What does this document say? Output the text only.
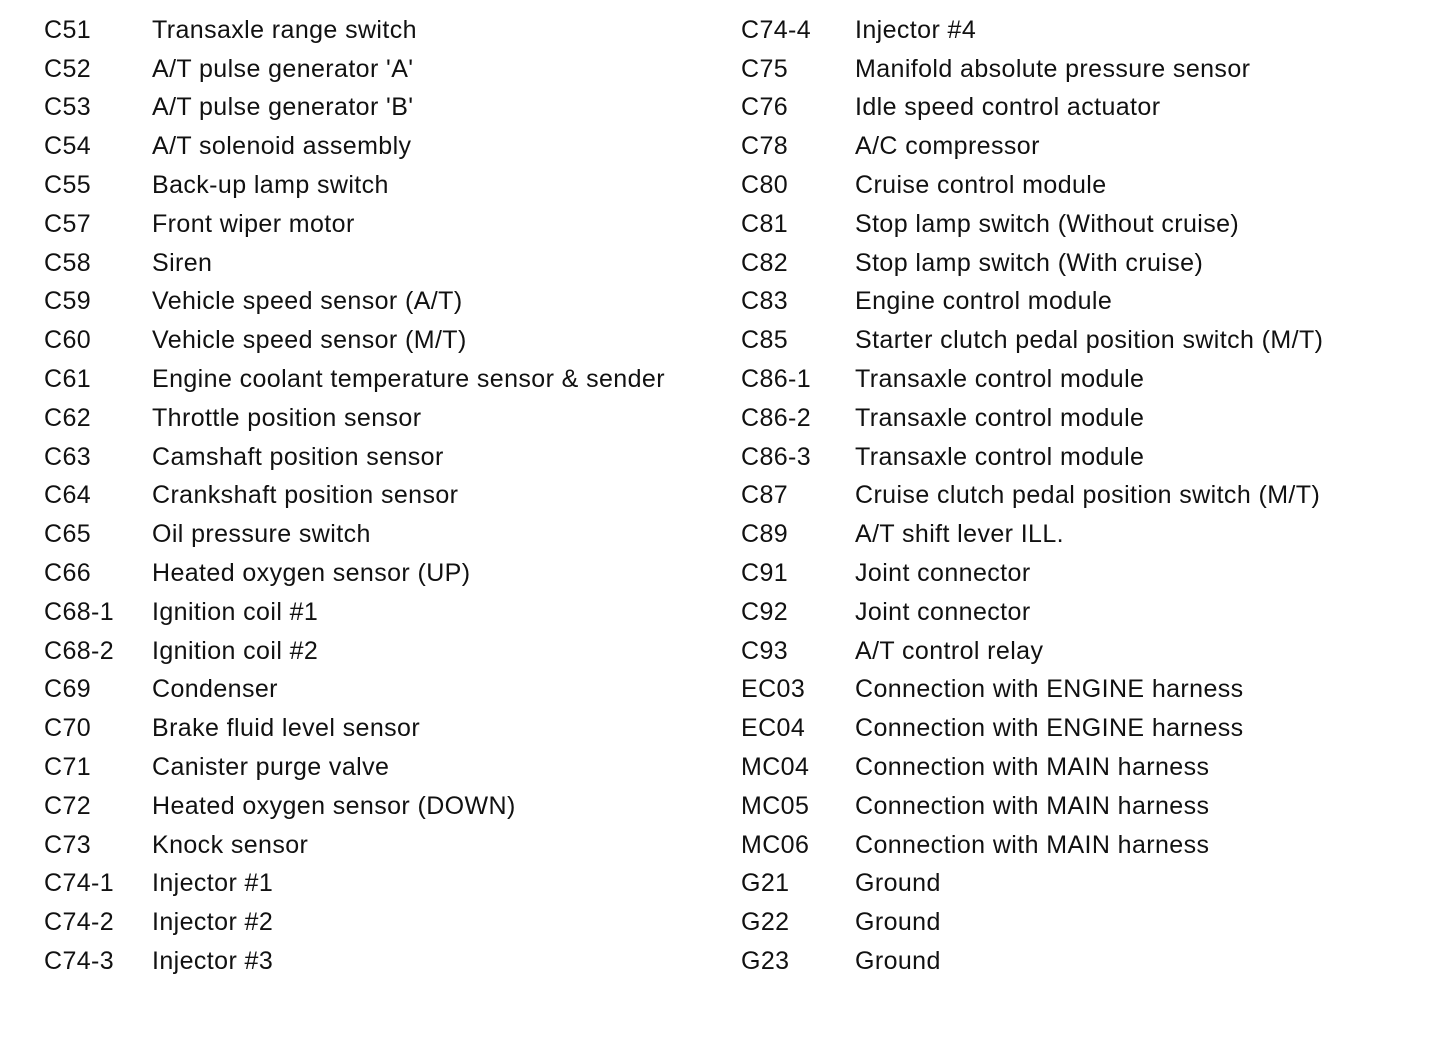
C51	Transaxle range switch
C52	A/T pulse generator 'A'
C53	A/T pulse generator 'B'
C54	A/T solenoid assembly
C55	Back-up lamp switch
C57	Front wiper motor
C58	Siren
C59	Vehicle speed sensor (A/T)
C60	Vehicle speed sensor (M/T)
C61	Engine coolant temperature sensor & sender
C62	Throttle position sensor
C63	Camshaft position sensor
C64	Crankshaft position sensor
C65	Oil pressure switch
C66	Heated oxygen sensor (UP)
C68-1	Ignition coil #1
C68-2	Ignition coil #2
C69	Condenser
C70	Brake fluid level sensor
C71	Canister purge valve
C72	Heated oxygen sensor (DOWN)
C73	Knock sensor
C74-1	Injector #1
C74-2	Injector #2
C74-3	Injector #3
C74-4	Injector #4
C75	Manifold absolute pressure sensor
C76	Idle speed control actuator
C78	A/C compressor
C80	Cruise control module
C81	Stop lamp switch (Without cruise)
C82	Stop lamp switch (With cruise)
C83	Engine control module
C85	Starter clutch pedal position switch (M/T)
C86-1	Transaxle control module
C86-2	Transaxle control module
C86-3	Transaxle control module
C87	Cruise clutch pedal position switch (M/T)
C89	A/T shift lever ILL.
C91	Joint connector
C92	Joint connector
C93	A/T control relay
EC03	Connection with ENGINE harness
EC04	Connection with ENGINE harness
MC04	Connection with MAIN harness
MC05	Connection with MAIN harness
MC06	Connection with MAIN harness
G21	Ground
G22	Ground
G23	Ground
